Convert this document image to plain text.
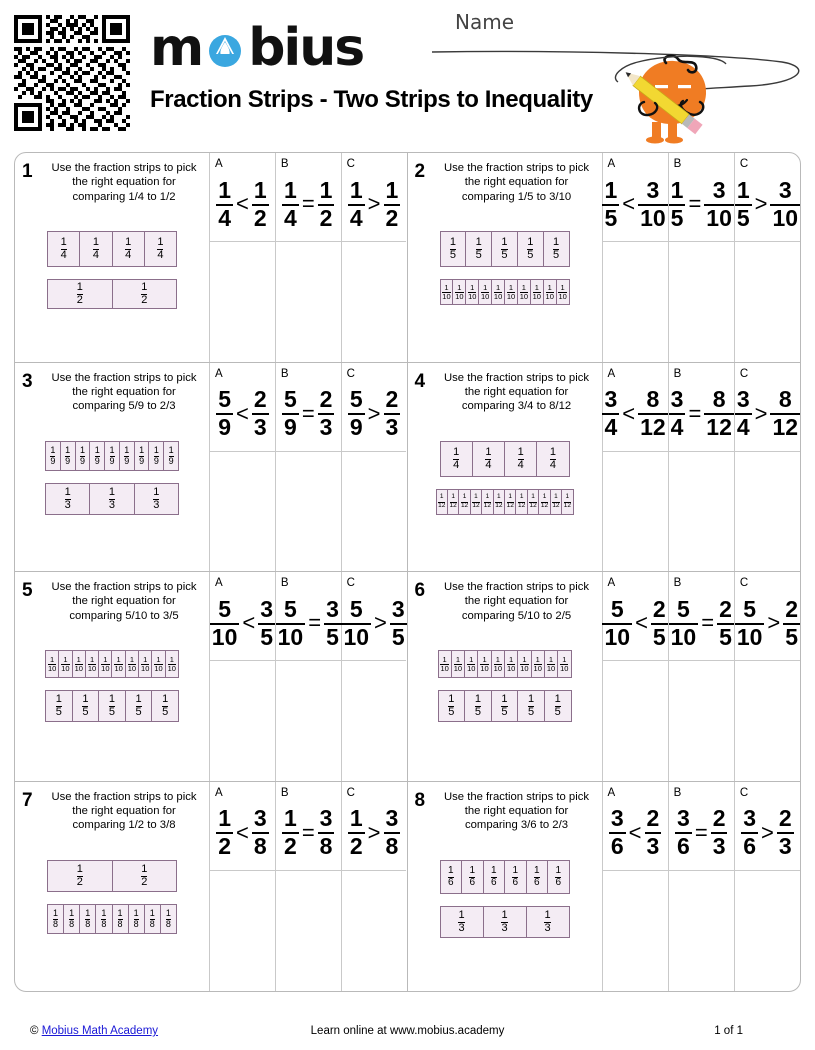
m bius
Fraction Strips - Two Strips to Inequality
Name
1	Use the fraction strips to pick the right equation for comparing 1/4 to 1/2
$\frac{1}{4} \frac{1}{4} \frac{1}{4} \frac{1}{4}$
$\frac{1}{2}$	$\frac{1}{2}$
A
$\frac{1}{4} < \frac{1}{2}$
B
$\frac{1}{4} = \frac{1}{2}$
C
$\frac{1}{4} > \frac{1}{2}$
2	Use the fraction strips to pick the right equation for comparing 1/5 to 3/10
$\frac{1}{5} \frac{1}{5} \frac{1}{5} \frac{1}{5} \frac{1}{5}$
$\frac{1}{10} \frac{1}{10} \frac{1}{10} \frac{1}{10} \frac{1}{10} \frac{1}{10} \frac{1}{10} \frac{1}{10} \frac{1}{10} \frac{1}{10}$
A
$\frac{1}{5} < \frac{3}{10}$
B
$\frac{1}{5} = \frac{3}{10}$
C
$\frac{1}{5} > \frac{3}{10}$
3	Use the fraction strips to pick the right equation for comparing 5/9 to 2/3
$\frac{1}{9} \frac{1}{9} \frac{1}{9} \frac{1}{9} \frac{1}{9} \frac{1}{9} \frac{1}{9} \frac{1}{9} \frac{1}{9}$
$\frac{1}{3}$	$\frac{1}{3}$	$\frac{1}{3}$
A
$\frac{5}{9} < \frac{2}{3}$
B
$\frac{5}{9} = \frac{2}{3}$
C
$\frac{5}{9} > \frac{2}{3}$
4	Use the fraction strips to pick the right equation for comparing 3/4 to 8/12
$\frac{1}{4} \frac{1}{4} \frac{1}{4} \frac{1}{4}$
$\frac{1}{12} \frac{1}{12} \frac{1}{12} \frac{1}{12} \frac{1}{12} \frac{1}{12} \frac{1}{12} \frac{1}{12} \frac{1}{12} \frac{1}{12} \frac{1}{12} \frac{1}{12}$
A
$\frac{3}{4} < \frac{8}{12}$
B
$\frac{3}{4} = \frac{8}{12}$
C
$\frac{3}{4} > \frac{8}{12}$
5	Use the fraction strips to pick the right equation for comparing 5/10 to 3/5
$\frac{1}{10} \frac{1}{10} \frac{1}{10} \frac{1}{10} \frac{1}{10} \frac{1}{10} \frac{1}{10} \frac{1}{10} \frac{1}{10} \frac{1}{10}$
$\frac{1}{5} \frac{1}{5} \frac{1}{5} \frac{1}{5} \frac{1}{5}$
A
$\frac{5}{10} < \frac{3}{5}$
B
$\frac{5}{10} = \frac{3}{5}$
C
$\frac{5}{10} > \frac{3}{5}$
6	Use the fraction strips to pick the right equation for comparing 5/10 to 2/5
$\frac{1}{10} \frac{1}{10} \frac{1}{10} \frac{1}{10} \frac{1}{10} \frac{1}{10} \frac{1}{10} \frac{1}{10} \frac{1}{10} \frac{1}{10}$
$\frac{1}{5} \frac{1}{5} \frac{1}{5} \frac{1}{5} \frac{1}{5}$
A
$\frac{5}{10} < \frac{2}{5}$
B
$\frac{5}{10} = \frac{2}{5}$
C
$\frac{5}{10} > \frac{2}{5}$
7	Use the fraction strips to pick the right equation for comparing 1/2 to 3/8
$\frac{1}{2}$	$\frac{1}{2}$
$\frac{1}{8} \frac{1}{8} \frac{1}{8} \frac{1}{8} \frac{1}{8} \frac{1}{8} \frac{1}{8} \frac{1}{8}$
A
$\frac{1}{2} < \frac{3}{8}$
B
$\frac{1}{2} = \frac{3}{8}$
C
$\frac{1}{2} > \frac{3}{8}$
8	Use the fraction strips to pick the right equation for comparing 3/6 to 2/3
$\frac{1}{6} \frac{1}{6} \frac{1}{6} \frac{1}{6} \frac{1}{6} \frac{1}{6}$
$\frac{1}{3}$	$\frac{1}{3}$	$\frac{1}{3}$
A
$\frac{3}{6} < \frac{2}{3}$
B
$\frac{3}{6} = \frac{2}{3}$
C
$\frac{3}{6} > \frac{2}{3}$
© Mobius Math Academy	Learn online at www.mobius.academy	1 of 1
